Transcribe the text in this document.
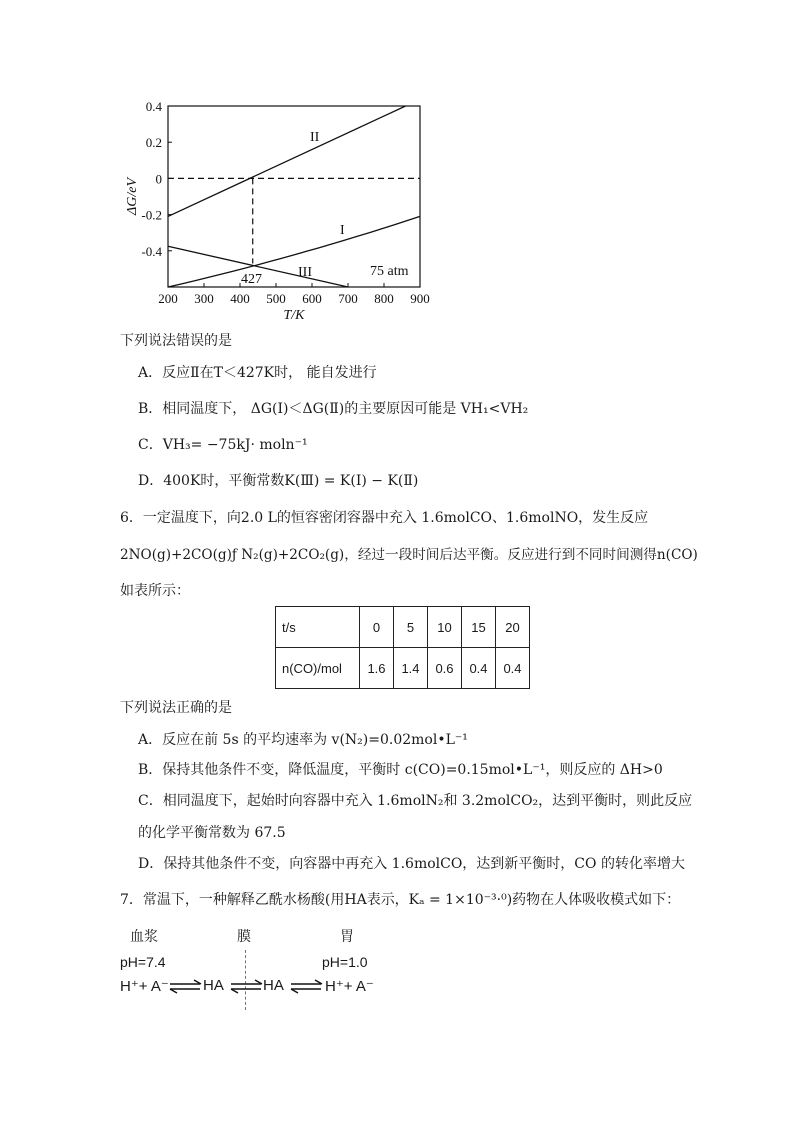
200 300 400 500 600 700 800 900
0.4
0.2
0
-0.2
-0.4
T/K
ΔG/eV
II
I
III
427
75 atm
下列说法错误的是
A．反应Ⅱ在T＜427K时， 能自发进行
B．相同温度下， ΔG(Ⅰ)＜ΔG(Ⅱ)的主要原因可能是 VH₁<VH₂
C．VH₃= −75kJ· moln⁻¹
D．400K时，平衡常数K(Ⅲ) = K(Ⅰ) − K(Ⅱ)
6．一定温度下，向2.0 L的恒容密闭容器中充入 1.6molCO、1.6molNO，发生反应
2NO(g)+2CO(g)ƒ N₂(g)+2CO₂(g)，经过一段时间后达平衡。反应进行到不同时间测得n(CO)
如表所示：
t/s	0	5	10	15	20
n(CO)/mol	1.6	1.4	0.6	0.4	0.4
下列说法正确的是
A．反应在前 5s 的平均速率为 v(N₂)=0.02mol•L⁻¹
B．保持其他条件不变，降低温度，平衡时 c(CO)=0.15mol•L⁻¹，则反应的 ΔH>0
C．相同温度下，起始时向容器中充入 1.6molN₂和 3.2molCO₂，达到平衡时，则此反应
的化学平衡常数为 67.5
D．保持其他条件不变，向容器中再充入 1.6molCO，达到新平衡时，CO 的转化率增大
7．常温下，一种解释乙酰水杨酸(用HA表示，Kₐ = 1×10⁻³·⁰)药物在人体吸收模式如下：
血浆	膜	胃
pH=7.4	pH=1.0
H⁺+ A⁻ HA	HA	H⁺+ A⁻
